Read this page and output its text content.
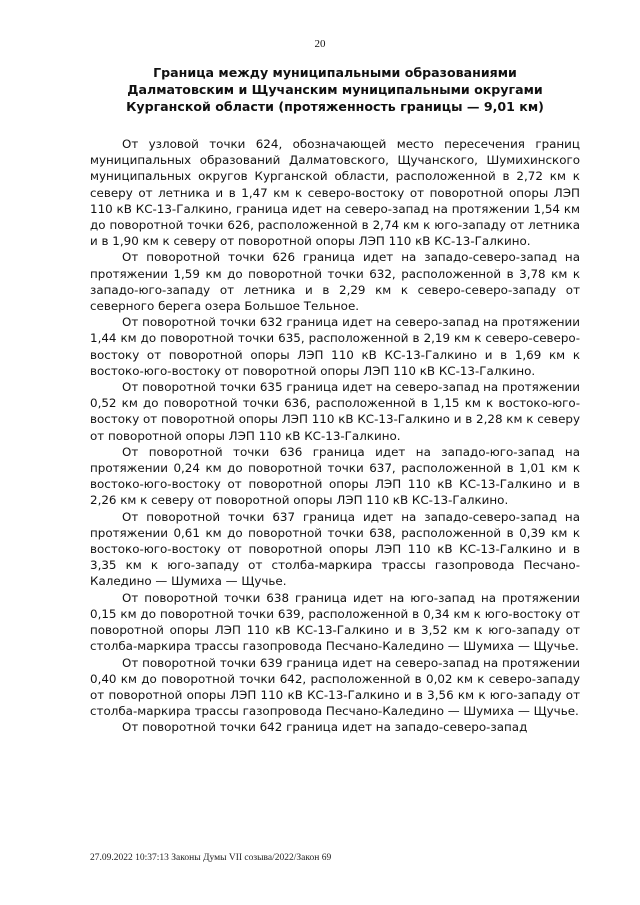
20
Граница между муниципальными образованиями Далматовским и Щучанским муниципальными округами Курганской области (протяженность границы — 9,01 км)

От узловой точки 624, обозначающей место пересечения границ муниципальных образований Далматовского, Щучанского, Шумихинского муниципальных округов Курганской области, расположенной в 2,72 км к северу от летника и в 1,47 км к северо-востоку от поворотной опоры ЛЭП 110 кВ КС-13-Галкино, граница идет на северо-запад на протяжении 1,54 км до поворотной точки 626, расположенной в 2,74 км к юго-западу от летника и в 1,90 км к северу от поворотной опоры ЛЭП 110 кВ КС-13-Галкино.

От поворотной точки 626 граница идет на западо-северо-запад на протяжении 1,59 км до поворотной точки 632, расположенной в 3,78 км к западо-юго-западу от летника и в 2,29 км к северо-северо-западу от северного берега озера Большое Тельное.

От поворотной точки 632 граница идет на северо-запад на протяжении 1,44 км до поворотной точки 635, расположенной в 2,19 км к северо-северо-востоку от поворотной опоры ЛЭП 110 кВ КС-13-Галкино и в 1,69 км к востоко-юго-востоку от поворотной опоры ЛЭП 110 кВ КС-13-Галкино.

От поворотной точки 635 граница идет на северо-запад на протяжении 0,52 км до поворотной точки 636, расположенной в 1,15 км к востоко-юго-востоку от поворотной опоры ЛЭП 110 кВ КС-13-Галкино и в 2,28 км к северу от поворотной опоры ЛЭП 110 кВ КС-13-Галкино.

От поворотной точки 636 граница идет на западо-юго-запад на протяжении 0,24 км до поворотной точки 637, расположенной в 1,01 км к востоко-юго-востоку от поворотной опоры ЛЭП 110 кВ КС-13-Галкино и в 2,26 км к северу от поворотной опоры ЛЭП 110 кВ КС-13-Галкино.

От поворотной точки 637 граница идет на западо-северо-запад на протяжении 0,61 км до поворотной точки 638, расположенной в 0,39 км к востоко-юго-востоку от поворотной опоры ЛЭП 110 кВ КС-13-Галкино и в 3,35 км к юго-западу от столба-маркира трассы газопровода Песчано-Каледино — Шумиха — Щучье.

От поворотной точки 638 граница идет на юго-запад на протяжении 0,15 км до поворотной точки 639, расположенной в 0,34 км к юго-востоку от поворотной опоры ЛЭП 110 кВ КС-13-Галкино и в 3,52 км к юго-западу от столба-маркира трассы газопровода Песчано-Каледино — Шумиха — Щучье.

От поворотной точки 639 граница идет на северо-запад на протяжении 0,40 км до поворотной точки 642, расположенной в 0,02 км к северо-западу от поворотной опоры ЛЭП 110 кВ КС-13-Галкино и в 3,56 км к юго-западу от столба-маркира трассы газопровода Песчано-Каледино — Шумиха — Щучье.

От поворотной точки 642 граница идет на западо-северо-запад

27.09.2022 10:37:13 Законы Думы VII созыва/2022/Закон 69
